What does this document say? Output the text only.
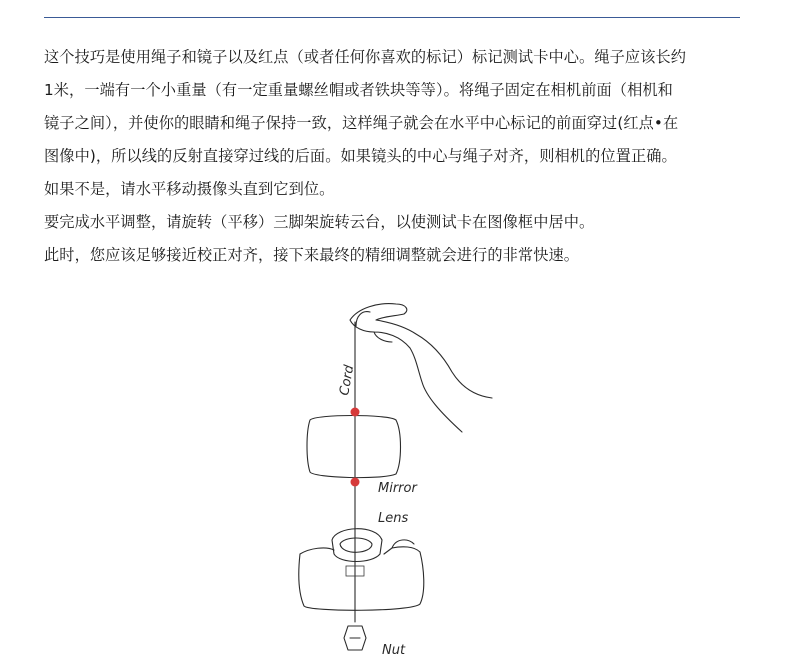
这个技巧是使用绳子和镜子以及红点（或者任何你喜欢的标记）标记测试卡中心。绳子应该长约

1米，一端有一个小重量（有一定重量螺丝帽或者铁块等等）。将绳子固定在相机前面（相机和

镜子之间），并使你的眼睛和绳子保持一致，这样绳子就会在水平中心标记的前面穿过(红点•在

图像中)，所以线的反射直接穿过线的后面。如果镜头的中心与绳子对齐，则相机的位置正确。

如果不是，请水平移动摄像头直到它到位。

要完成水平调整，请旋转（平移）三脚架旋转云台，以使测试卡在图像框中居中。

此时，您应该足够接近校正对齐，接下来最终的精细调整就会进行的非常快速。

Cord
Mirror
Lens
Nut
